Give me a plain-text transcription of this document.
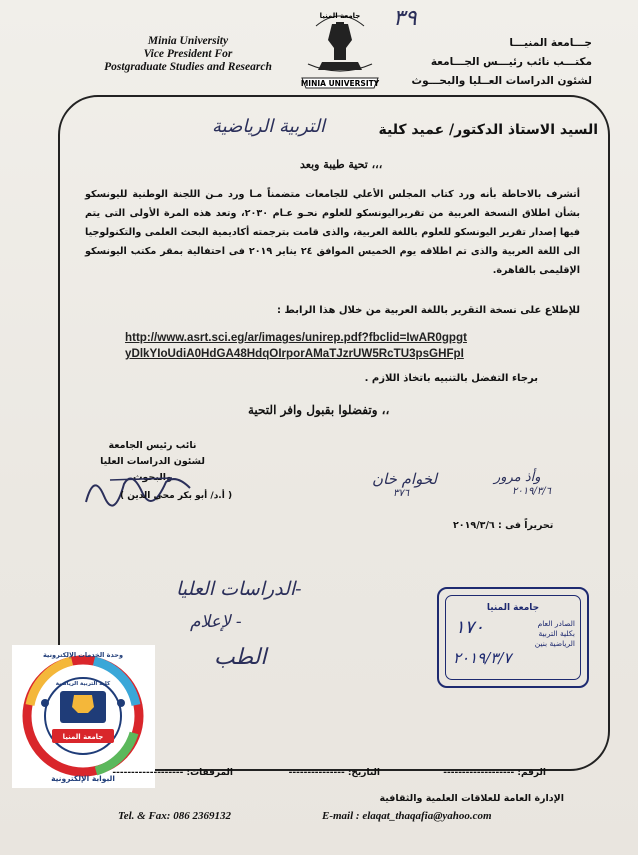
Minia University
Vice President For
Postgraduate Studies and Research
جـــامعة المنيـــا
مكتـــب نائب رئيـــس الجـــامعة
لشئون الدراسات العــليا والبحـــوث
٣٩
جامعة المنيا
MINIA UNIVERSITY
السيد الاستاذ الدكتور/ عميد كلية
التربية الرياضية
تحية طيبة وبعد ،،،
أتشرف بالاحاطة بأنه ورد كتاب المجلس الأعلي للجامعات متضمناً مـا ورد مـن اللجنة الوطنية لليونسكو بشأن اطلاق النسخة العربية من تقريراليونسكو للعلوم نحـو عـام ٢٠٣٠، وتعد هذه المرة الأولى التى يتم فيها إصدار تقرير اليونسكو للعلوم باللغة العربية، والذى قامت بترجمته أكاديمية البحث العلمى والتكنولوجيا الى اللغة العربية والذى تم اطلاقه يوم الخميس الموافق ٢٤ يناير ٢٠١٩ فى احتفالية بمقر مكتب اليونسكو الإقليمى بالقاهرة.
للإطلاع على نسخة التقرير باللغة العربية من خلال هذا الرابط :
http://www.asrt.sci.eg/ar/images/unirep.pdf?fbclid=IwAR0gpgt
yDlkYIoUdiA0HdGA48HdqOIrporAMaTJzrUW5RcTU3psGHFpI
برجاء التفضل بالتنبيه باتخاذ اللازم .
وتفضلوا بقبول وافر التحية ،،
نائب رئيس الجامعة
لشئون الدراسات العليا والبحوث
( أ.د/ أبو بكر محي الدين )
لخوام خان
٣٧٦
وأذ مرور
٢٠١٩/٣/٦
تحريراً فى : ٢٠١٩/٣/٦
-الدراسات العليا
- لإعلام
الطب
جامعة المنيا
الصادر العام
بكلية التربية
الرياضية بنين
١٧٠
٢٠١٩/٣/٧
جامعة المنيا
كلية التربية الرياضية
وحدة الخدمات الإلكترونية
البوابة الإلكترونية
الرقم: -------------------
التاريخ: ---------------
المرفقات: -------------------
الإدارة العامة للعلاقات العلمية والثقافية
Tel. & Fax: 086 2369132	E-mail : elaqat_thaqafia@yahoo.com
